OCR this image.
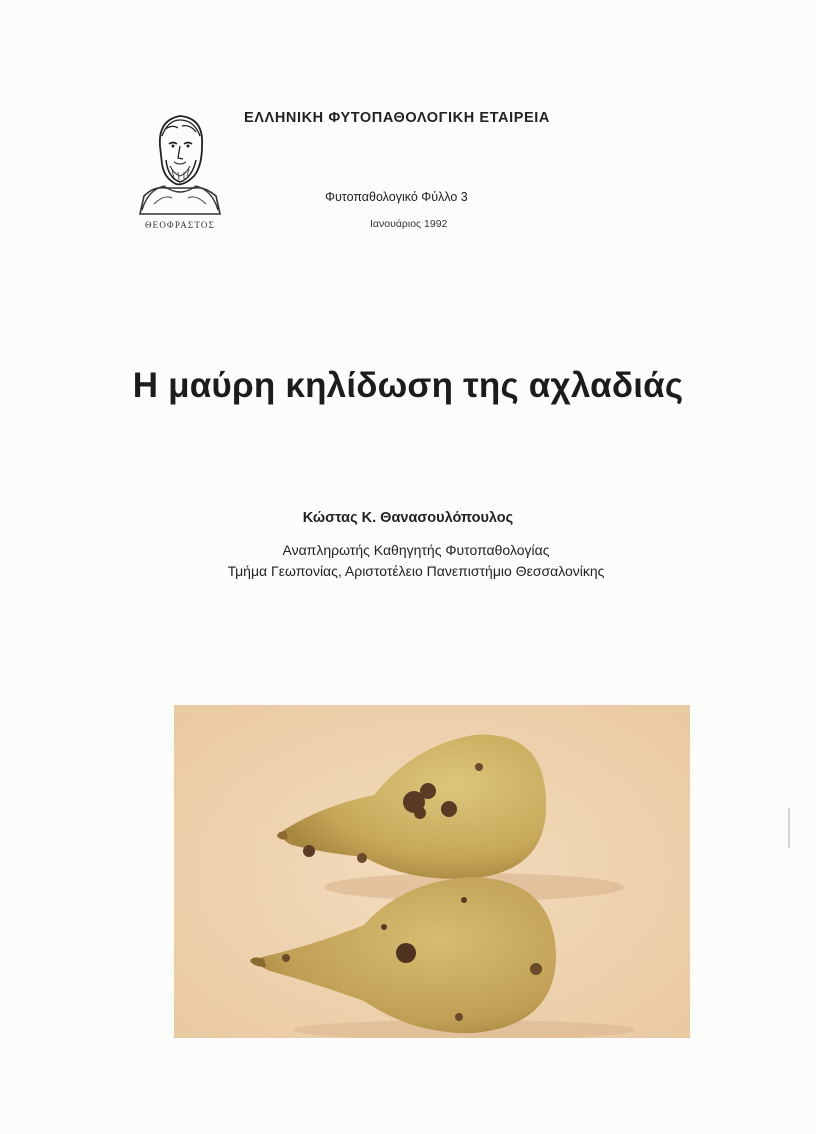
ΘΕΟΦΡΑΣΤΟΣ
ΕΛΛΗΝΙΚΗ ΦΥΤΟΠΑΘΟΛΟΓΙΚΗ ΕΤΑΙΡΕΙΑ
Φυτοπαθολογικό Φύλλο 3
Ιανουάριος 1992
Η μαύρη κηλίδωση της αχλαδιάς
Κώστας Κ. Θανασουλόπουλος
Αναπληρωτής Καθηγητής Φυτοπαθολογίας
Τμήμα Γεωπονίας, Αριστοτέλειο Πανεπιστήμιο Θεσσαλονίκης
